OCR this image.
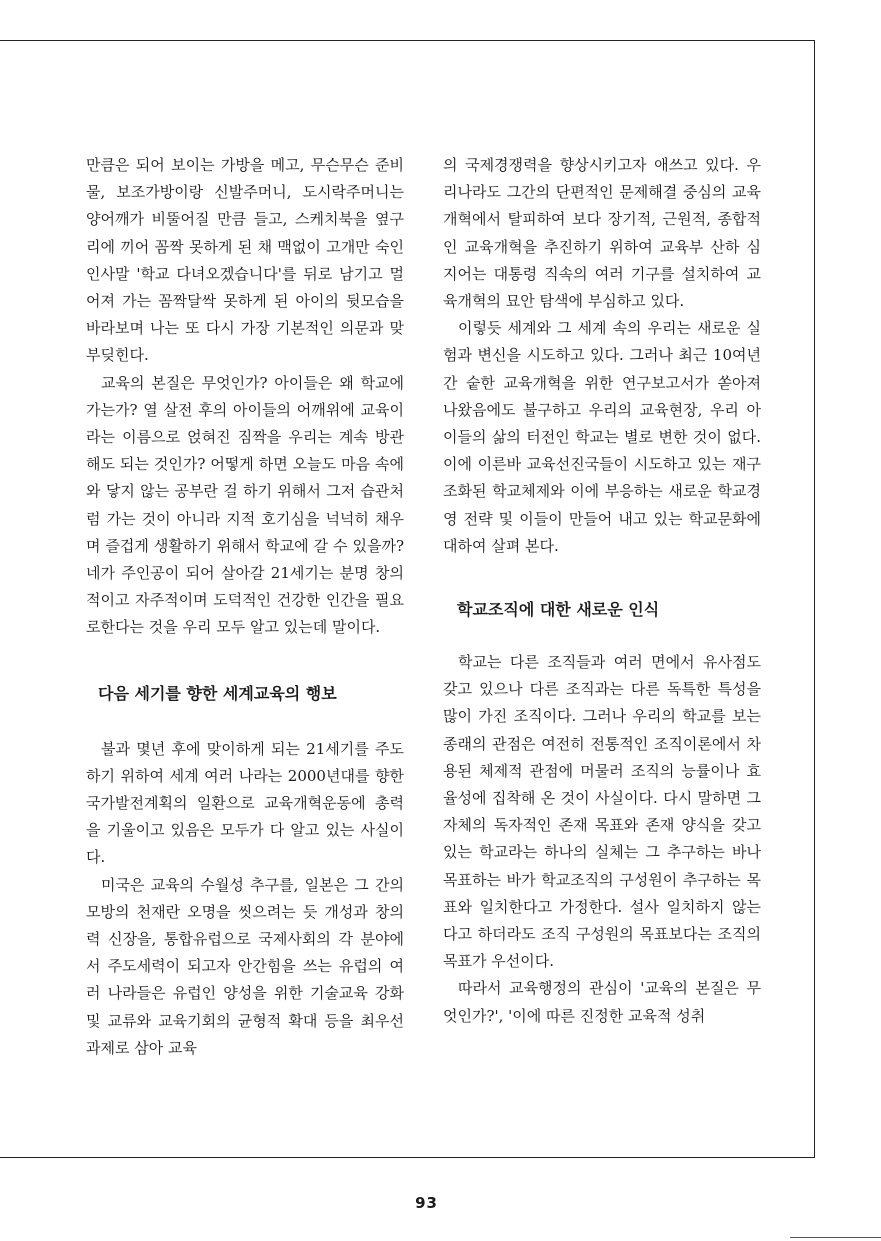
만큼은 되어 보이는 가방을 메고, 무슨무슨 준비물, 보조가방이랑 신발주머니, 도시락주머니는 양어깨가 비뚤어질 만큼 들고, 스케치북을 옆구리에 끼어 꼼짝 못하게 된 채 맥없이 고개만 숙인 인사말 '학교 다녀오겠습니다'를 뒤로 남기고 멀어져 가는 꼼짝달싹 못하게 된 아이의 뒷모습을 바라보며 나는 또 다시 가장 기본적인 의문과 맞부딪힌다.

교육의 본질은 무엇인가? 아이들은 왜 학교에 가는가? 열 살전 후의 아이들의 어깨위에 교육이라는 이름으로 얹혀진 짐짝을 우리는 계속 방관해도 되는 것인가? 어떻게 하면 오늘도 마음 속에 와 닿지 않는 공부란 걸 하기 위해서 그저 습관처럼 가는 것이 아니라 지적 호기심을 넉넉히 채우며 즐겁게 생활하기 위해서 학교에 갈 수 있을까? 네가 주인공이 되어 살아갈 21세기는 분명 창의적이고 자주적이며 도덕적인 건강한 인간을 필요로한다는 것을 우리 모두 알고 있는데 말이다.

다음 세기를 향한 세계교육의 행보

불과 몇년 후에 맞이하게 되는 21세기를 주도하기 위하여 세계 여러 나라는 2000년대를 향한 국가발전계획의 일환으로 교육개혁운동에 총력을 기울이고 있음은 모두가 다 알고 있는 사실이다.

미국은 교육의 수월성 추구를, 일본은 그 간의 모방의 천재란 오명을 씻으려는 듯 개성과 창의력 신장을, 통합유럽으로 국제사회의 각 분야에서 주도세력이 되고자 안간힘을 쓰는 유럽의 여러 나라들은 유럽인 양성을 위한 기술교육 강화 및 교류와 교육기회의 균형적 확대 등을 최우선 과제로 삼아 교육

의 국제경쟁력을 향상시키고자 애쓰고 있다. 우리나라도 그간의 단편적인 문제해결 중심의 교육개혁에서 탈피하여 보다 장기적, 근원적, 종합적인 교육개혁을 추진하기 위하여 교육부 산하 심지어는 대통령 직속의 여러 기구를 설치하여 교육개혁의 묘안 탐색에 부심하고 있다.

이렇듯 세계와 그 세계 속의 우리는 새로운 실험과 변신을 시도하고 있다. 그러나 최근 10여년간 숱한 교육개혁을 위한 연구보고서가 쏟아져 나왔음에도 불구하고 우리의 교육현장, 우리 아이들의 삶의 터전인 학교는 별로 변한 것이 없다. 이에 이른바 교육선진국들이 시도하고 있는 재구조화된 학교체제와 이에 부응하는 새로운 학교경영 전략 및 이들이 만들어 내고 있는 학교문화에 대하여 살펴 본다.

학교조직에 대한 새로운 인식

학교는 다른 조직들과 여러 면에서 유사점도 갖고 있으나 다른 조직과는 다른 독특한 특성을 많이 가진 조직이다. 그러나 우리의 학교를 보는 종래의 관점은 여전히 전통적인 조직이론에서 차용된 체제적 관점에 머물러 조직의 능률이나 효율성에 집착해 온 것이 사실이다. 다시 말하면 그 자체의 독자적인 존재 목표와 존재 양식을 갖고 있는 학교라는 하나의 실체는 그 추구하는 바나 목표하는 바가 학교조직의 구성원이 추구하는 목표와 일치한다고 가정한다. 설사 일치하지 않는다고 하더라도 조직 구성원의 목표보다는 조직의 목표가 우선이다.

따라서 교육행정의 관심이 '교육의 본질은 무엇인가?', '이에 따른 진정한 교육적 성취

93
